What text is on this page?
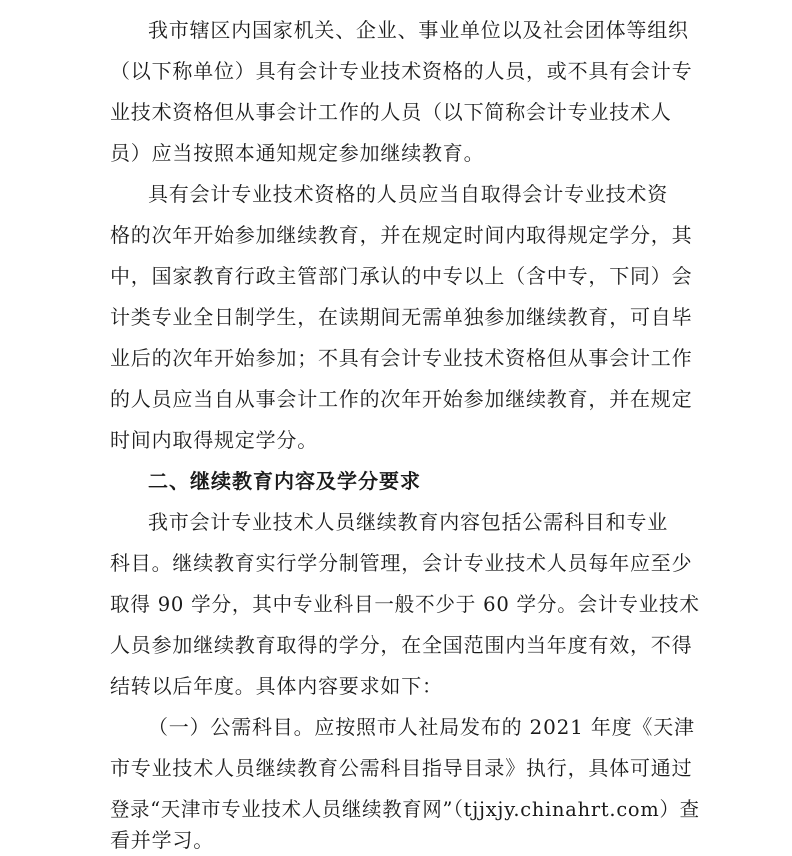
我市辖区内国家机关、企业、事业单位以及社会团体等组织

（以下称单位）具有会计专业技术资格的人员，或不具有会计专

业技术资格但从事会计工作的人员（以下简称会计专业技术人

员）应当按照本通知规定参加继续教育。

具有会计专业技术资格的人员应当自取得会计专业技术资

格的次年开始参加继续教育，并在规定时间内取得规定学分，其

中，国家教育行政主管部门承认的中专以上（含中专，下同）会

计类专业全日制学生，在读期间无需单独参加继续教育，可自毕

业后的次年开始参加；不具有会计专业技术资格但从事会计工作

的人员应当自从事会计工作的次年开始参加继续教育，并在规定

时间内取得规定学分。

二、继续教育内容及学分要求

我市会计专业技术人员继续教育内容包括公需科目和专业

科目。继续教育实行学分制管理，会计专业技术人员每年应至少

取得 90 学分，其中专业科目一般不少于 60 学分。会计专业技术

人员参加继续教育取得的学分，在全国范围内当年度有效，不得

结转以后年度。具体内容要求如下：

（一）公需科目。应按照市人社局发布的 2021 年度《天津

市专业技术人员继续教育公需科目指导目录》执行，具体可通过

登录“天津市专业技术人员继续教育网”（tjjxjy.chinahrt.com）查

看并学习。
